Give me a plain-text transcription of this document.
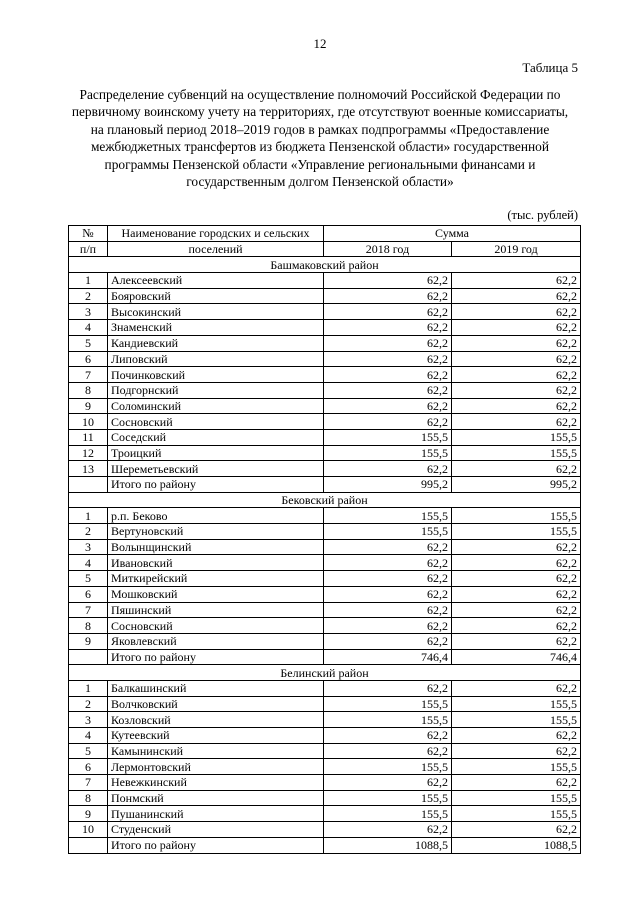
12
Таблица 5
Распределение субвенций на осуществление полномочий Российской Федерации по первичному воинскому учету на территориях, где отсутствуют военные комиссариаты, на плановый период 2018–2019 годов в рамках подпрограммы «Предоставление межбюджетных трансфертов из бюджета Пензенской области» государственной программы Пензенской области «Управление региональными финансами и государственным долгом Пензенской области»
(тыс. рублей)
№	Наименование городских и сельских	Сумма	
п/п	поселений	2018 год	2019 год
Башмаковский район			
1	Алексеевский	62,2	62,2
2	Бояровский	62,2	62,2
3	Высокинский	62,2	62,2
4	Знаменский	62,2	62,2
5	Кандиевский	62,2	62,2
6	Липовский	62,2	62,2
7	Починковский	62,2	62,2
8	Подгорнский	62,2	62,2
9	Соломинский	62,2	62,2
10	Сосновский	62,2	62,2
11	Соседский	155,5	155,5
12	Троицкий	155,5	155,5
13	Шереметьевский	62,2	62,2
	Итого по району	995,2	995,2
Бековский район			
1	р.п. Беково	155,5	155,5
2	Вертуновский	155,5	155,5
3	Волынщинский	62,2	62,2
4	Ивановский	62,2	62,2
5	Миткирейский	62,2	62,2
6	Мошковский	62,2	62,2
7	Пяшинский	62,2	62,2
8	Сосновский	62,2	62,2
9	Яковлевский	62,2	62,2
	Итого по району	746,4	746,4
Белинский район			
1	Балкашинский	62,2	62,2
2	Волчковский	155,5	155,5
3	Козловский	155,5	155,5
4	Кутеевский	62,2	62,2
5	Камынинский	62,2	62,2
6	Лермонтовский	155,5	155,5
7	Невежкинский	62,2	62,2
8	Понмский	155,5	155,5
9	Пушанинский	155,5	155,5
10	Студенский	62,2	62,2
	Итого по району	1088,5	1088,5
